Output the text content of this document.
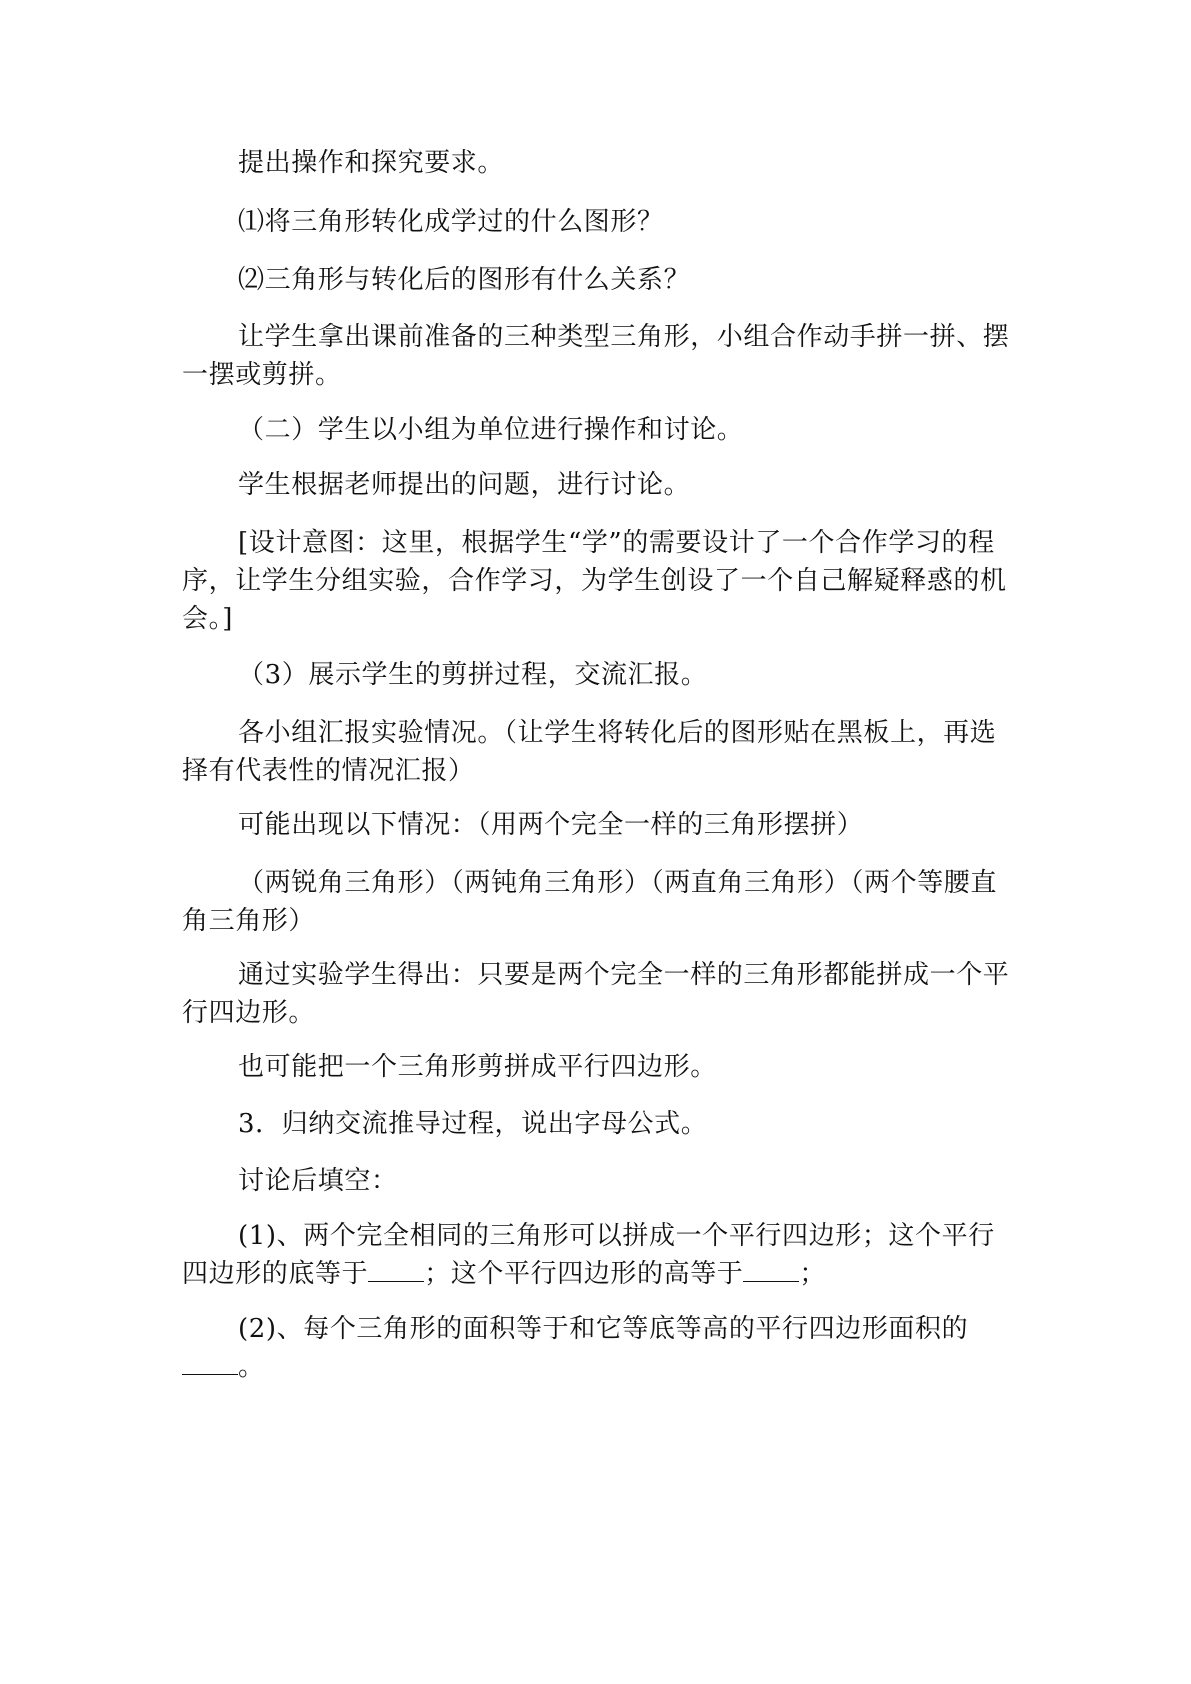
提出操作和探究要求。

⑴将三角形转化成学过的什么图形？

⑵三角形与转化后的图形有什么关系？

让学生拿出课前准备的三种类型三角形，小组合作动手拼一拼、摆一摆或剪拼。

（二）学生以小组为单位进行操作和讨论。

学生根据老师提出的问题，进行讨论。

[设计意图：这里，根据学生“学”的需要设计了一个合作学习的程序，让学生分组实验，合作学习，为学生创设了一个自己解疑释惑的机会。]

（3）展示学生的剪拼过程，交流汇报。

各小组汇报实验情况。（让学生将转化后的图形贴在黑板上，再选择有代表性的情况汇报）

可能出现以下情况：（用两个完全一样的三角形摆拼）

（两锐角三角形）（两钝角三角形）（两直角三角形）（两个等腰直角三角形）

通过实验学生得出：只要是两个完全一样的三角形都能拼成一个平行四边形。

也可能把一个三角形剪拼成平行四边形。

3．归纳交流推导过程，说出字母公式。

讨论后填空：

(1)、两个完全相同的三角形可以拼成一个平行四边形；这个平行四边形的底等于 ；这个平行四边形的高等于 ；

(2)、每个三角形的面积等于和它等底等高的平行四边形面积的。
